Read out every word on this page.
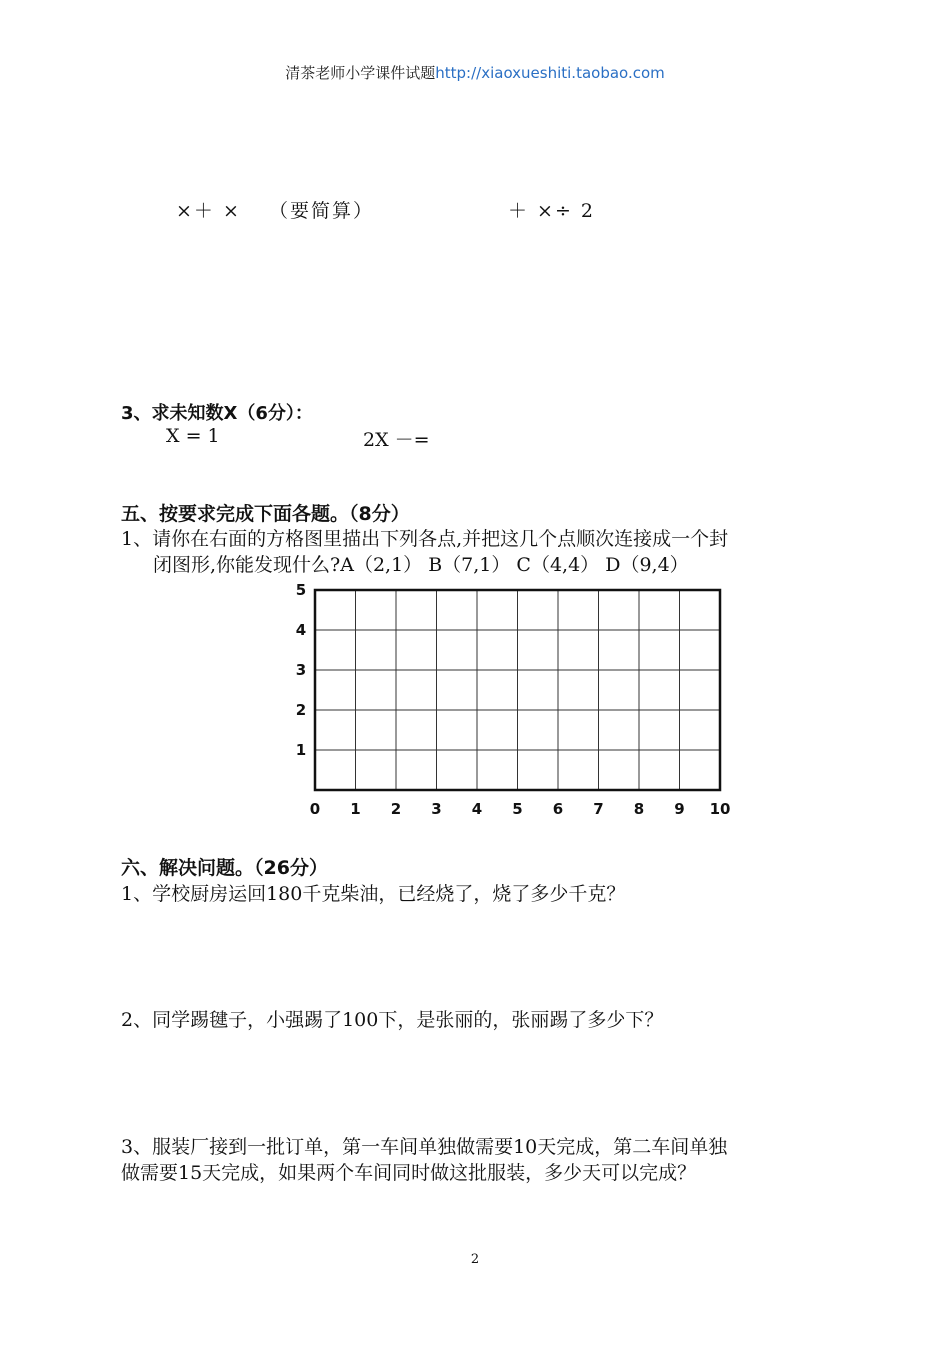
清茶老师小学课件试题http://xiaoxueshiti.taobao.com
×＋ × （要简算）	＋ ×÷ 2
3、求未知数X（6分）：
X = 1	2X －=
五、按要求完成下面各题。（8分）
1、请你在右面的方格图里描出下列各点,并把这几个点顺次连接成一个封
闭图形,你能发现什么?A（2,1） B（7,1） C（4,4） D（9,4）
0 1 2 3 4 5 6 7 8 9 10
1
2
3
4
5
六、解决问题。（26分）
1、学校厨房运回180千克柴油，已经烧了，烧了多少千克？
2、同学踢毽子，小强踢了100下，是张丽的，张丽踢了多少下？
3、服装厂接到一批订单，第一车间单独做需要10天完成，第二车间单独
做需要15天完成，如果两个车间同时做这批服装，多少天可以完成？
2
